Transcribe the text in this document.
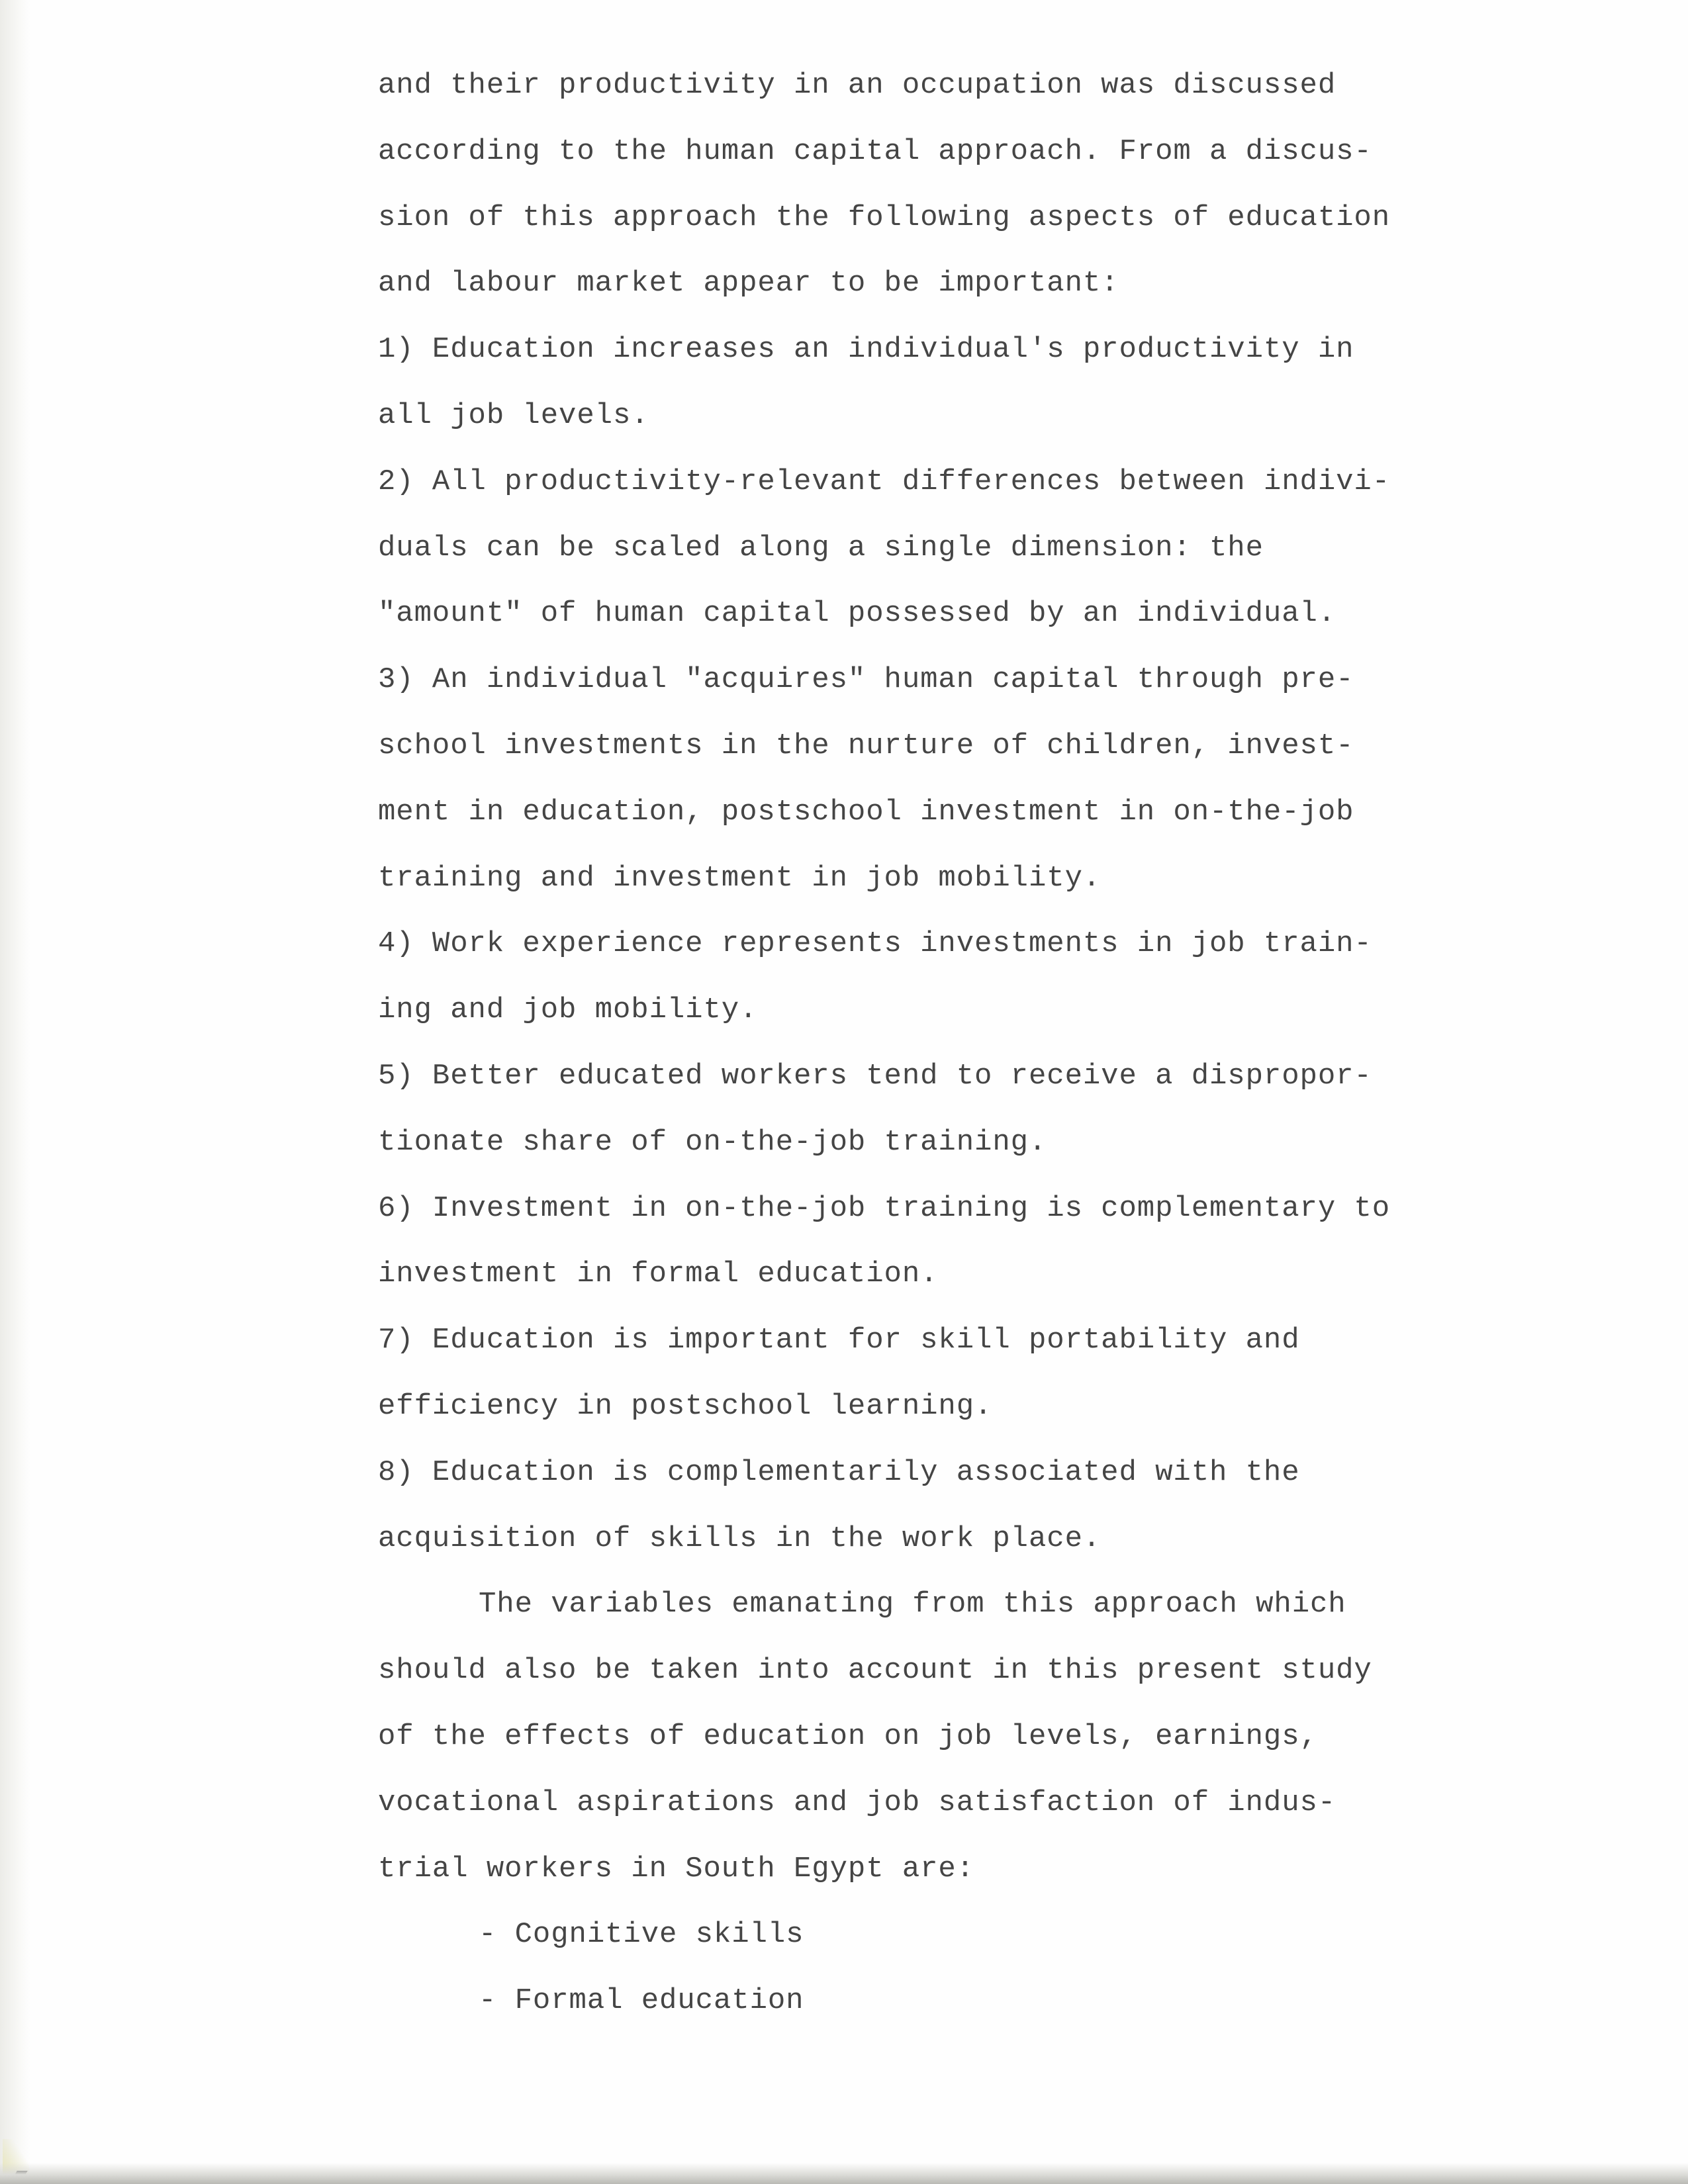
and their productivity in an occupation was discussed
according to the human capital approach. From a discus-
sion of this approach the following aspects of education
and labour market appear to be important:
1) Education increases an individual's productivity in
all job levels.
2) All productivity-relevant differences between indivi-
duals can be scaled along a single dimension: the
"amount" of human capital possessed by an individual.
3) An individual "acquires" human capital through pre-
school investments in the nurture of children, invest-
ment in education, postschool investment in on-the-job
training and investment in job mobility.
4) Work experience represents investments in job train-
ing and job mobility.
5) Better educated workers tend to receive a dispropor-
tionate share of on-the-job training.
6) Investment in on-the-job training is complementary to
investment in formal education.
7) Education is important for skill portability and
efficiency in postschool learning.
8) Education is complementarily associated with the
acquisition of skills in the work place.
The variables emanating from this approach which
should also be taken into account in this present study
of the effects of education on job levels, earnings,
vocational aspirations and job satisfaction of indus-
trial workers in South Egypt are:
- Cognitive skills
- Formal education
